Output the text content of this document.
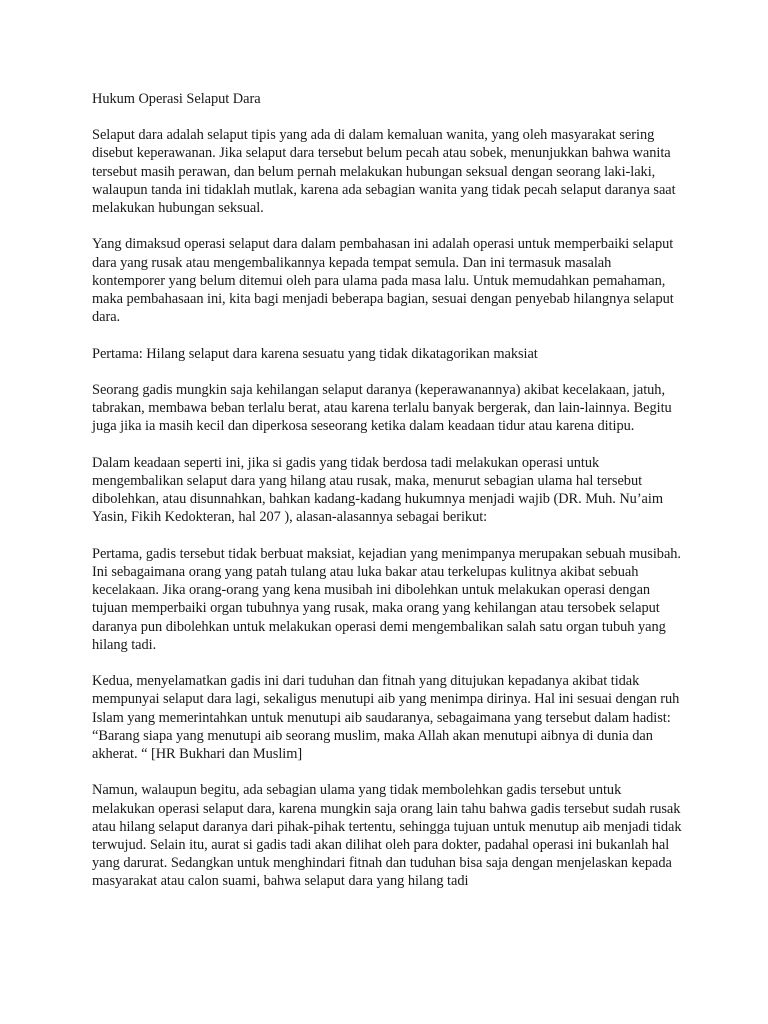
Hukum Operasi Selaput Dara

Selaput dara adalah selaput tipis yang ada di dalam kemaluan wanita, yang oleh masyarakat sering disebut keperawanan. Jika selaput dara tersebut belum pecah atau sobek, menunjukkan bahwa wanita tersebut masih perawan, dan belum pernah melakukan hubungan seksual dengan seorang laki-laki, walaupun tanda ini tidaklah mutlak, karena ada sebagian wanita yang tidak pecah selaput daranya saat melakukan hubungan seksual.

Yang dimaksud operasi selaput dara dalam pembahasan ini adalah operasi untuk memperbaiki selaput dara yang rusak atau mengembalikannya kepada tempat semula. Dan ini termasuk masalah kontemporer yang belum ditemui oleh para ulama pada masa lalu. Untuk memudahkan pemahaman, maka pembahasaan ini, kita bagi menjadi beberapa bagian, sesuai dengan penyebab hilangnya selaput dara.

Pertama: Hilang selaput dara karena sesuatu yang tidak dikatagorikan maksiat

Seorang gadis mungkin saja kehilangan selaput daranya (keperawanannya) akibat kecelakaan, jatuh, tabrakan, membawa beban terlalu berat, atau karena terlalu banyak bergerak, dan lain-lainnya. Begitu juga jika ia masih kecil dan diperkosa seseorang ketika dalam keadaan tidur atau karena ditipu.

Dalam keadaan seperti ini, jika si gadis yang tidak berdosa tadi melakukan operasi untuk mengembalikan selaput dara yang hilang atau rusak, maka, menurut sebagian ulama hal tersebut dibolehkan, atau disunnahkan, bahkan kadang-kadang hukumnya menjadi wajib (DR. Muh. Nu’aim Yasin, Fikih Kedokteran, hal 207 ), alasan-alasannya sebagai berikut:

Pertama, gadis tersebut tidak berbuat maksiat, kejadian yang menimpanya merupakan sebuah musibah. Ini sebagaimana orang yang patah tulang atau luka bakar atau terkelupas kulitnya akibat sebuah kecelakaan. Jika orang-orang yang kena musibah ini dibolehkan untuk melakukan operasi dengan tujuan memperbaiki organ tubuhnya yang rusak, maka orang yang kehilangan atau tersobek selaput daranya pun dibolehkan untuk melakukan operasi demi mengembalikan salah satu organ tubuh yang hilang tadi.

Kedua, menyelamatkan gadis ini dari tuduhan dan fitnah yang ditujukan kepadanya akibat tidak mempunyai selaput dara lagi, sekaligus menutupi aib yang menimpa dirinya. Hal ini sesuai dengan ruh Islam yang memerintahkan untuk menutupi aib saudaranya, sebagaimana yang tersebut dalam hadist: “Barang siapa yang menutupi aib seorang muslim, maka Allah akan menutupi aibnya di dunia dan akherat. “ [HR Bukhari dan Muslim]

Namun, walaupun begitu, ada sebagian ulama yang tidak membolehkan gadis tersebut untuk melakukan operasi selaput dara, karena mungkin saja orang lain tahu bahwa gadis tersebut sudah rusak atau hilang selaput daranya dari pihak-pihak tertentu, sehingga tujuan untuk menutup aib menjadi tidak terwujud. Selain itu, aurat si gadis tadi akan dilihat oleh para dokter, padahal operasi ini bukanlah hal yang darurat. Sedangkan untuk menghindari fitnah dan tuduhan bisa saja dengan menjelaskan kepada masyarakat atau calon suami, bahwa selaput dara yang hilang tadi
